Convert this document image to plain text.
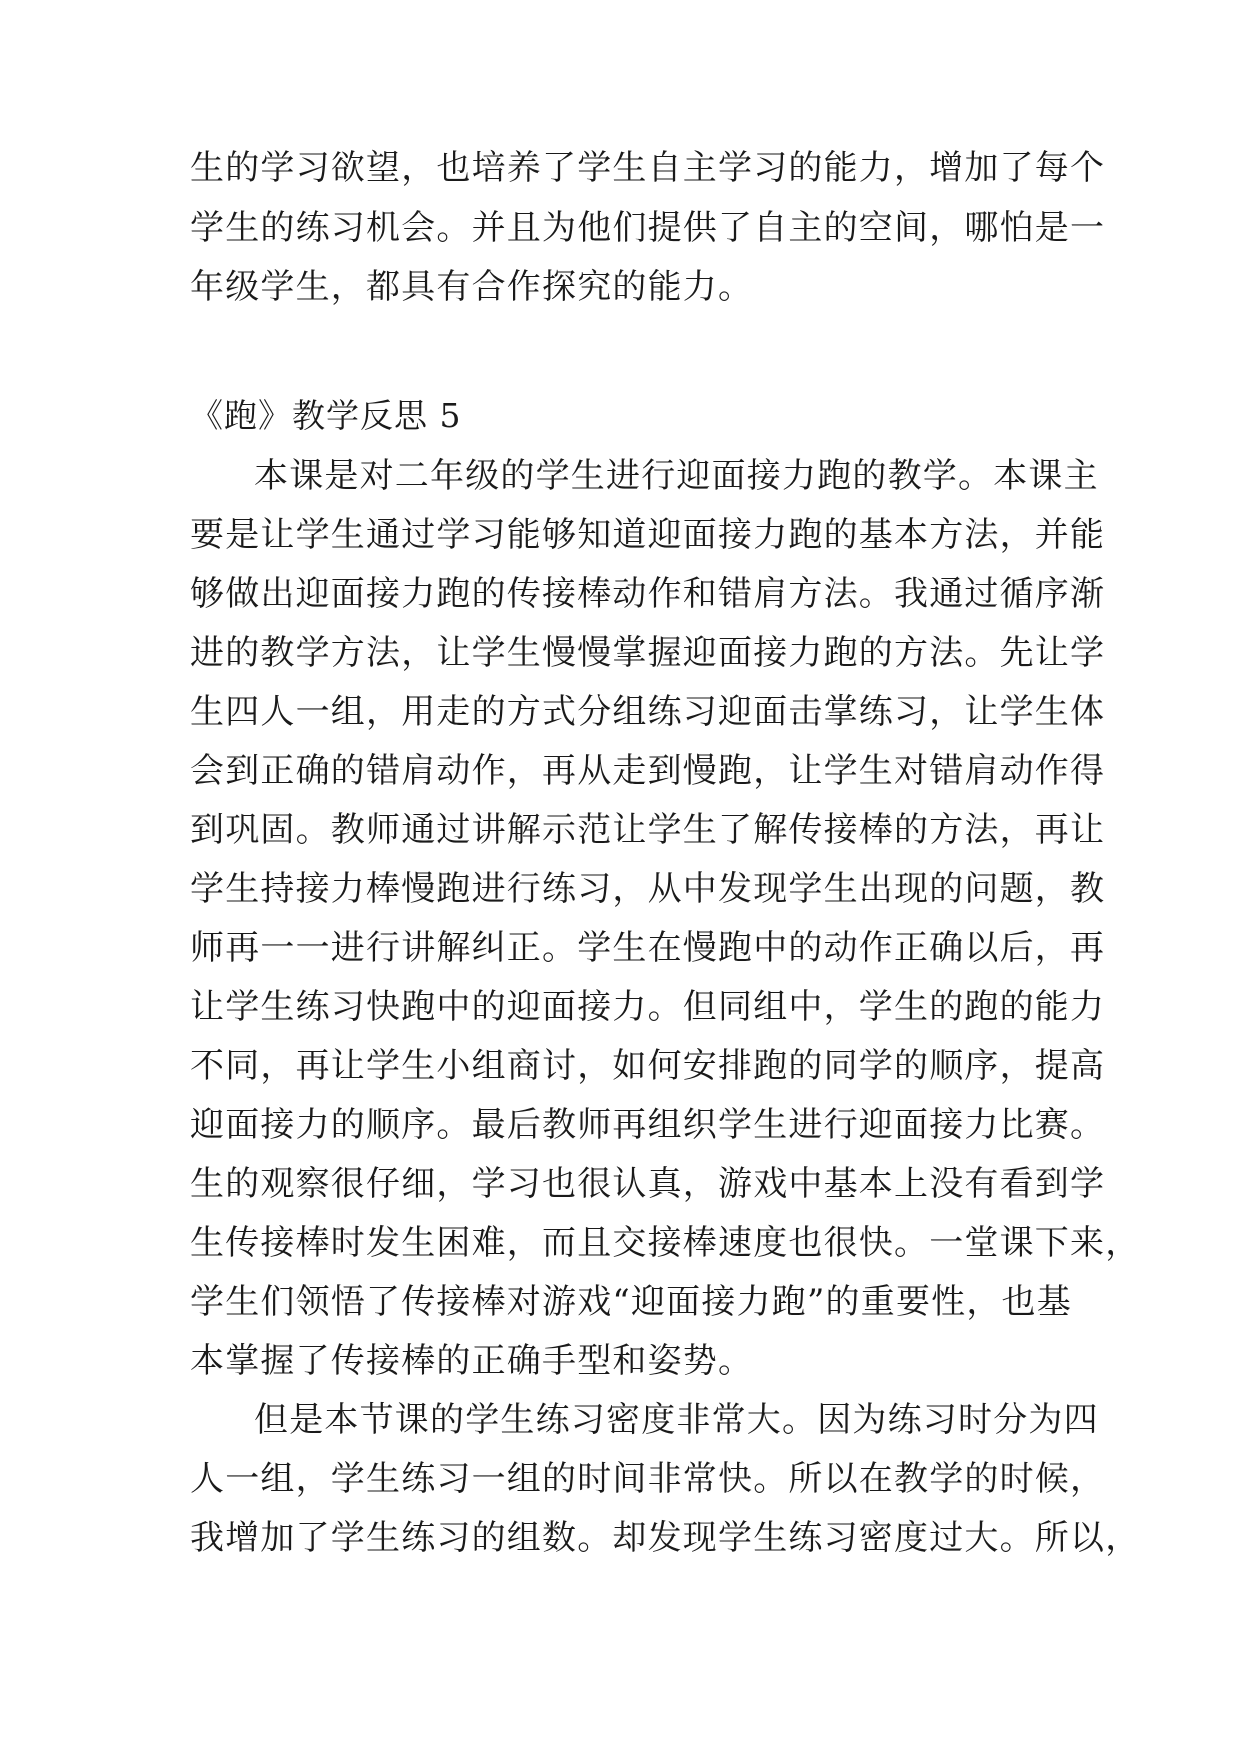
生的学习欲望，也培养了学生自主学习的能力，增加了每个
学生的练习机会。并且为他们提供了自主的空间，哪怕是一
年级学生，都具有合作探究的能力。
《跑》教学反思 5
本课是对二年级的学生进行迎面接力跑的教学。本课主
要是让学生通过学习能够知道迎面接力跑的基本方法，并能
够做出迎面接力跑的传接棒动作和错肩方法。我通过循序渐
进的教学方法，让学生慢慢掌握迎面接力跑的方法。先让学
生四人一组，用走的方式分组练习迎面击掌练习，让学生体
会到正确的错肩动作，再从走到慢跑，让学生对错肩动作得
到巩固。教师通过讲解示范让学生了解传接棒的方法，再让
学生持接力棒慢跑进行练习，从中发现学生出现的问题，教
师再一一进行讲解纠正。学生在慢跑中的动作正确以后，再
让学生练习快跑中的迎面接力。但同组中，学生的跑的能力
不同，再让学生小组商讨，如何安排跑的同学的顺序，提高
迎面接力的顺序。最后教师再组织学生进行迎面接力比赛。
生的观察很仔细，学习也很认真，游戏中基本上没有看到学
生传接棒时发生困难，而且交接棒速度也很快。一堂课下来，
学生们领悟了传接棒对游戏“迎面接力跑”的重要性，也基
本掌握了传接棒的正确手型和姿势。
但是本节课的学生练习密度非常大。因为练习时分为四
人一组，学生练习一组的时间非常快。所以在教学的时候，
我增加了学生练习的组数。却发现学生练习密度过大。所以，
